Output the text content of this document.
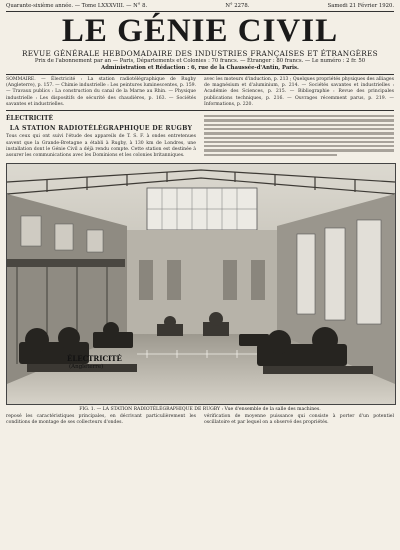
Quarante-sixième année. — Tome LXXXVIII. — N° 8.	N° 2278.	Samedi 21 Février 1920.
LE GÉNIE CIVIL
REVUE GÉNÉRALE HEBDOMADAIRE DES INDUSTRIES FRANÇAISES ET ÉTRANGÈRES
Prix de l'abonnement par an — Paris, Départements et Colonies : 70 francs. — Étranger : 80 francs. — Le numéro : 2 fr. 50
Administration et Rédaction : 6, rue de la Chaussée-d'Antin, Paris.

SOMMAIRE. — Électricité : La station radiotélégraphique de Rugby (Angleterre), p. 157. — Chimie industrielle : Les peintures luminescentes, p. 159. — Travaux publics : La construction du canal de la Marne au Rhin. — Physique industrielle : Les dispositifs de sécurité des chaudières, p. 163. — Sociétés savantes et industrielles.

avec les moteurs d'induction, p. 213 ; Quelques propriétés physiques des alliages de magnésium et d'aluminium, p. 214. — Sociétés savantes et industrielles : Académie des Sciences, p. 215. — Bibliographie : Revue des principales publications techniques, p. 216. — Ouvrages récemment parus, p. 219. — Informations, p. 220.

ÉLECTRICITÉ
LA STATION RADIOTÉLÉGRAPHIQUE DE RUGBY

Tous ceux qui ont suivi l'étude des appareils de T. S. F. à ondes entretenues savent que la Grande-Bretagne a établi à Rugby, à 130 km de Londres, une installation dont le Génie Civil a déjà rendu compte. Cette station est destinée à assurer les communications avec les Dominions et les colonies britanniques.

ÉLECTRICITÉ
(Angleterre)
FIG. 1. — LA STATION RADIOTÉLÉGRAPHIQUE DE RUGBY : Vue d'ensemble de la salle des machines.
reposé les caractéristiques principales, en décrivant particulièrement les conditions de montage de ses collecteurs d'ondes.
vérification de moyenne puissance qui consiste à porter d'un potentiel oscillatoire et par lequel on a observé des propriétés.
